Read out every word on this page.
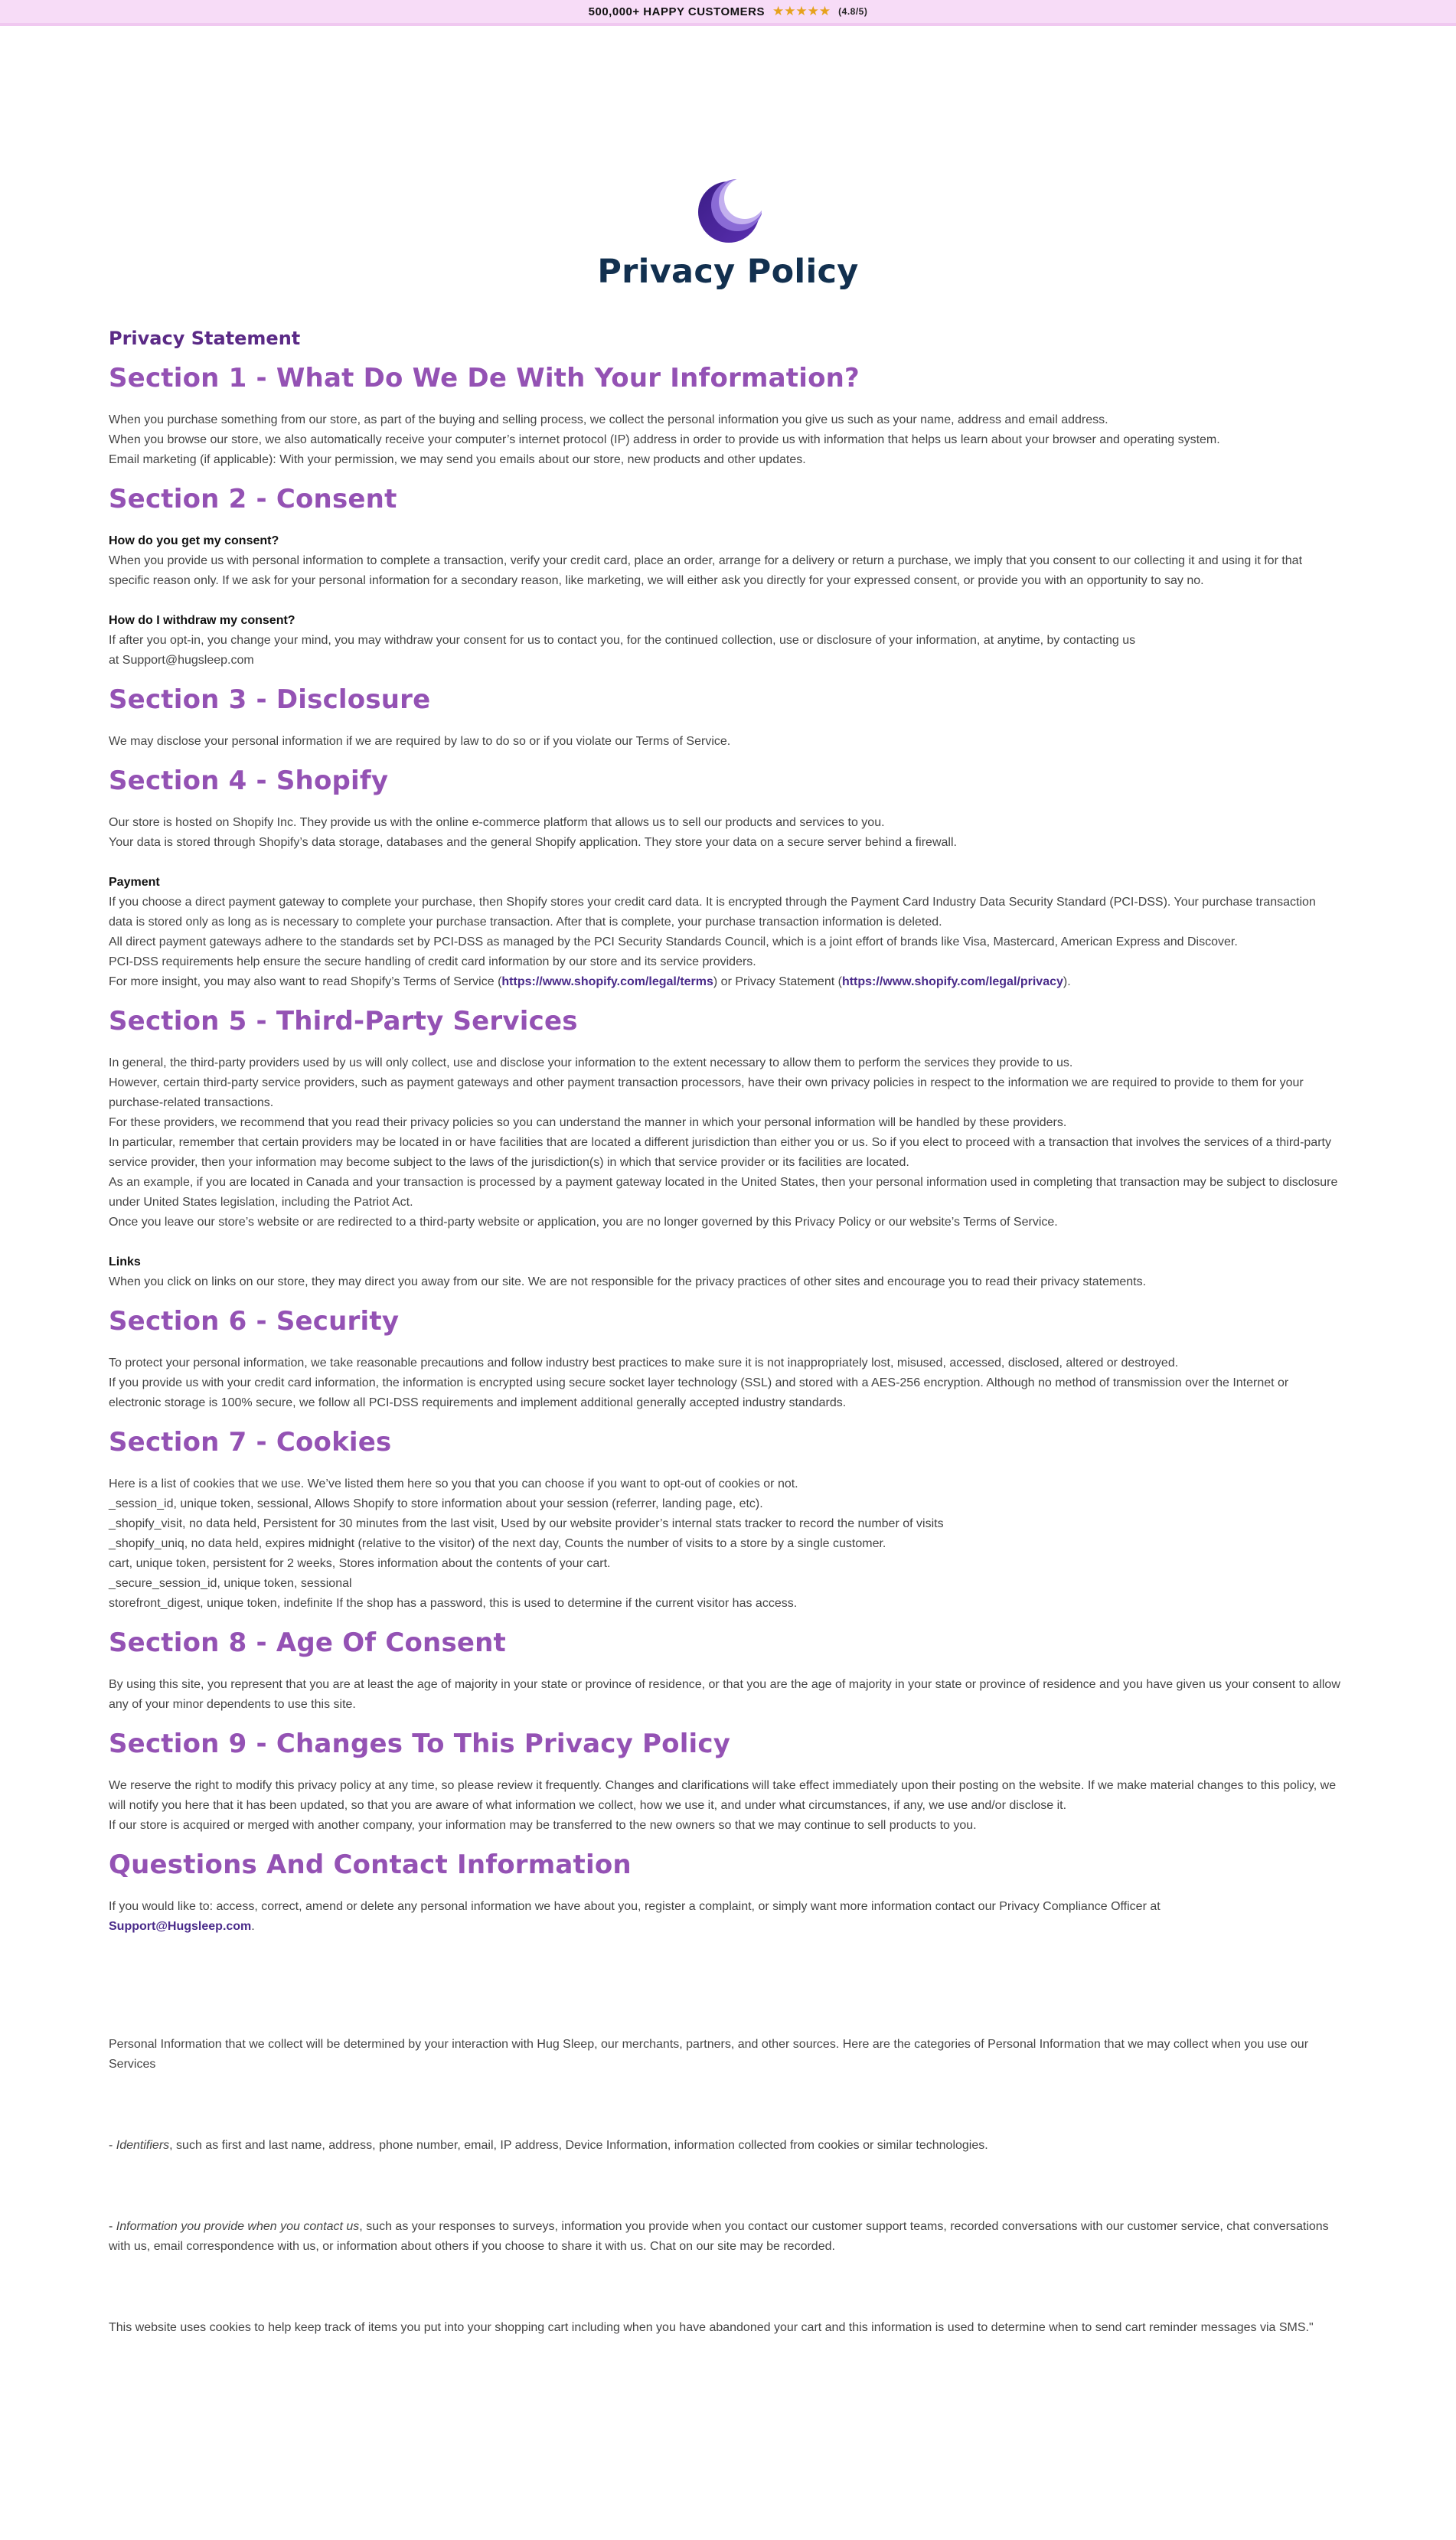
500,000+ HAPPY CUSTOMERS ★★★★★ (4.8/5)
Privacy Policy
Privacy Statement
Section 1 - What Do We De With Your Information?

When you purchase something from our store, as part of the buying and selling process, we collect the personal information you give us such as your name, address and email address.

When you browse our store, we also automatically receive your computer’s internet protocol (IP) address in order to provide us with information that helps us learn about your browser and operating system.

Email marketing (if applicable): With your permission, we may send you emails about our store, new products and other updates.

Section 2 - Consent

How do you get my consent?

When you provide us with personal information to complete a transaction, verify your credit card, place an order, arrange for a delivery or return a purchase, we imply that you consent to our collecting it and using it for that specific reason only. If we ask for your personal information for a secondary reason, like marketing, we will either ask you directly for your expressed consent, or provide you with an opportunity to say no.

How do I withdraw my consent?

If after you opt-in, you change your mind, you may withdraw your consent for us to contact you, for the continued collection, use or disclosure of your information, at anytime, by contacting us

at Support@hugsleep.com

Section 3 - Disclosure

We may disclose your personal information if we are required by law to do so or if you violate our Terms of Service.

Section 4 - Shopify

Our store is hosted on Shopify Inc. They provide us with the online e-commerce platform that allows us to sell our products and services to you.

Your data is stored through Shopify’s data storage, databases and the general Shopify application. They store your data on a secure server behind a firewall.

Payment

If you choose a direct payment gateway to complete your purchase, then Shopify stores your credit card data. It is encrypted through the Payment Card Industry Data Security Standard (PCI-DSS). Your purchase transaction data is stored only as long as is necessary to complete your purchase transaction. After that is complete, your purchase transaction information is deleted.

All direct payment gateways adhere to the standards set by PCI-DSS as managed by the PCI Security Standards Council, which is a joint effort of brands like Visa, Mastercard, American Express and Discover.

PCI-DSS requirements help ensure the secure handling of credit card information by our store and its service providers.

For more insight, you may also want to read Shopify’s Terms of Service (https://www.shopify.com/legal/terms) or Privacy Statement (https://www.shopify.com/legal/privacy).

Section 5 - Third-Party Services

In general, the third-party providers used by us will only collect, use and disclose your information to the extent necessary to allow them to perform the services they provide to us.

However, certain third-party service providers, such as payment gateways and other payment transaction processors, have their own privacy policies in respect to the information we are required to provide to them for your purchase-related transactions.

For these providers, we recommend that you read their privacy policies so you can understand the manner in which your personal information will be handled by these providers.

In particular, remember that certain providers may be located in or have facilities that are located a different jurisdiction than either you or us. So if you elect to proceed with a transaction that involves the services of a third-party service provider, then your information may become subject to the laws of the jurisdiction(s) in which that service provider or its facilities are located.

As an example, if you are located in Canada and your transaction is processed by a payment gateway located in the United States, then your personal information used in completing that transaction may be subject to disclosure under United States legislation, including the Patriot Act.

Once you leave our store’s website or are redirected to a third-party website or application, you are no longer governed by this Privacy Policy or our website’s Terms of Service.

Links

When you click on links on our store, they may direct you away from our site. We are not responsible for the privacy practices of other sites and encourage you to read their privacy statements.

Section 6 - Security

To protect your personal information, we take reasonable precautions and follow industry best practices to make sure it is not inappropriately lost, misused, accessed, disclosed, altered or destroyed.

If you provide us with your credit card information, the information is encrypted using secure socket layer technology (SSL) and stored with a AES-256 encryption. Although no method of transmission over the Internet or electronic storage is 100% secure, we follow all PCI-DSS requirements and implement additional generally accepted industry standards.

Section 7 - Cookies

Here is a list of cookies that we use. We’ve listed them here so you that you can choose if you want to opt-out of cookies or not.

_session_id, unique token, sessional, Allows Shopify to store information about your session (referrer, landing page, etc).

_shopify_visit, no data held, Persistent for 30 minutes from the last visit, Used by our website provider’s internal stats tracker to record the number of visits

_shopify_uniq, no data held, expires midnight (relative to the visitor) of the next day, Counts the number of visits to a store by a single customer.

cart, unique token, persistent for 2 weeks, Stores information about the contents of your cart.

_secure_session_id, unique token, sessional

storefront_digest, unique token, indefinite If the shop has a password, this is used to determine if the current visitor has access.

Section 8 - Age Of Consent

By using this site, you represent that you are at least the age of majority in your state or province of residence, or that you are the age of majority in your state or province of residence and you have given us your consent to allow any of your minor dependents to use this site.

Section 9 - Changes To This Privacy Policy

We reserve the right to modify this privacy policy at any time, so please review it frequently. Changes and clarifications will take effect immediately upon their posting on the website. If we make material changes to this policy, we will notify you here that it has been updated, so that you are aware of what information we collect, how we use it, and under what circumstances, if any, we use and/or disclose it.

If our store is acquired or merged with another company, your information may be transferred to the new owners so that we may continue to sell products to you.

Questions And Contact Information

If you would like to: access, correct, amend or delete any personal information we have about you, register a complaint, or simply want more information contact our Privacy Compliance Officer at
Support@Hugsleep.com.

Personal Information that we collect will be determined by your interaction with Hug Sleep, our merchants, partners, and other sources. Here are the categories of Personal Information that we may collect when you use our Services

- Identifiers, such as first and last name, address, phone number, email, IP address, Device Information, information collected from cookies or similar technologies.

- Information you provide when you contact us, such as your responses to surveys, information you provide when you contact our customer support teams, recorded conversations with our customer service, chat conversations with us, email correspondence with us, or information about others if you choose to share it with us. Chat on our site may be recorded.

This website uses cookies to help keep track of items you put into your shopping cart including when you have abandoned your cart and this information is used to determine when to send cart reminder messages via SMS."
